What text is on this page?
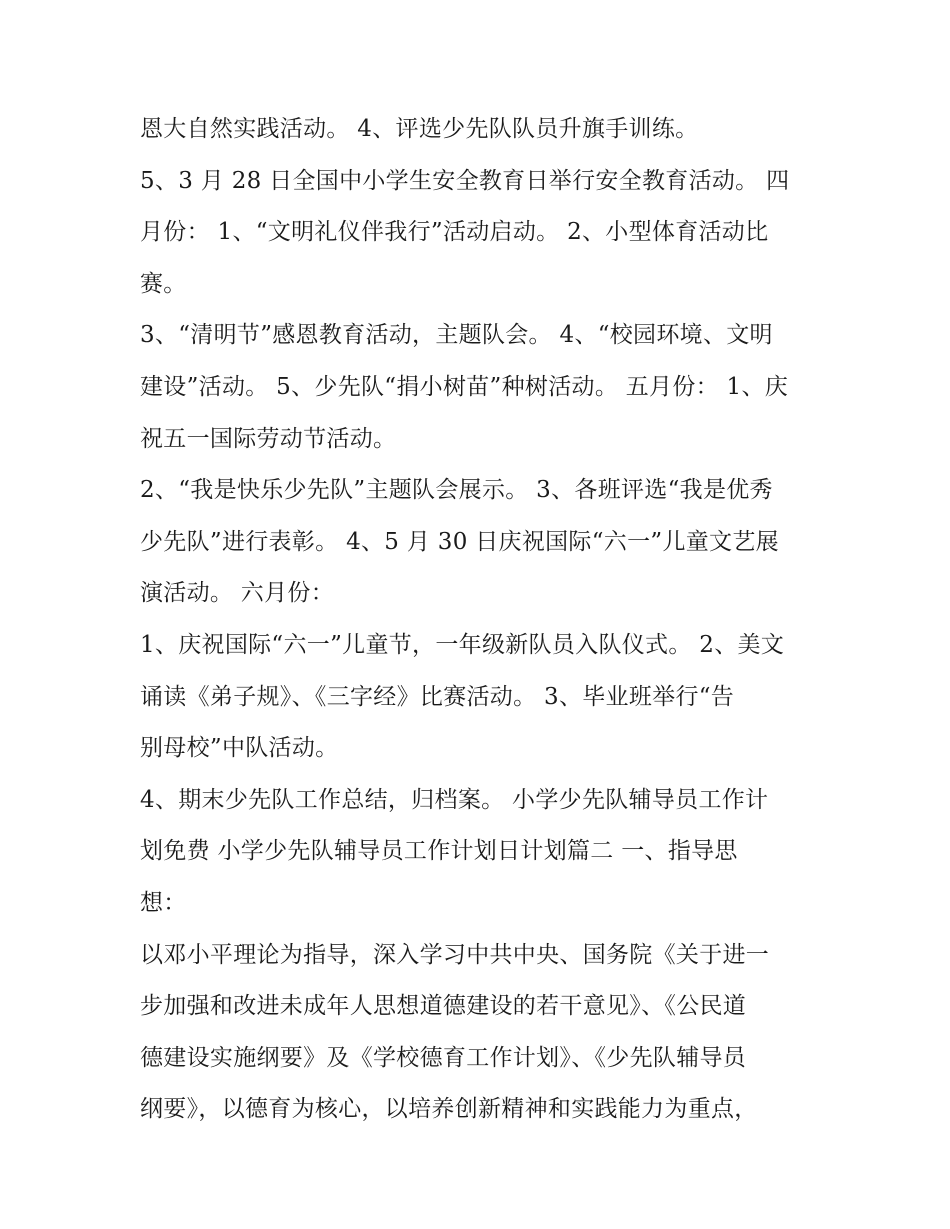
恩大自然实践活动。 4、评选少先队队员升旗手训练。
5、3 月 28 日全国中小学生安全教育日举行安全教育活动。 四
月份： 1、“文明礼仪伴我行”活动启动。 2、小型体育活动比
赛。
3、“清明节”感恩教育活动，主题队会。 4、“校园环境、文明
建设”活动。 5、少先队“捐小树苗”种树活动。 五月份： 1、庆
祝五一国际劳动节活动。
2、“我是快乐少先队”主题队会展示。 3、各班评选“我是优秀
少先队”进行表彰。 4、5 月 30 日庆祝国际“六一”儿童文艺展
演活动。 六月份：
1、庆祝国际“六一”儿童节，一年级新队员入队仪式。 2、美文
诵读《弟子规》、《三字经》比赛活动。 3、毕业班举行“告
别母校”中队活动。
4、期末少先队工作总结，归档案。 小学少先队辅导员工作计
划免费 小学少先队辅导员工作计划日计划篇二 一、指导思
想：
以邓小平理论为指导，深入学习中共中央、国务院《关于进一
步加强和改进未成年人思想道德建设的若干意见》、《公民道
德建设实施纲要》及《学校德育工作计划》、《少先队辅导员
纲要》，以德育为核心，以培养创新精神和实践能力为重点，
